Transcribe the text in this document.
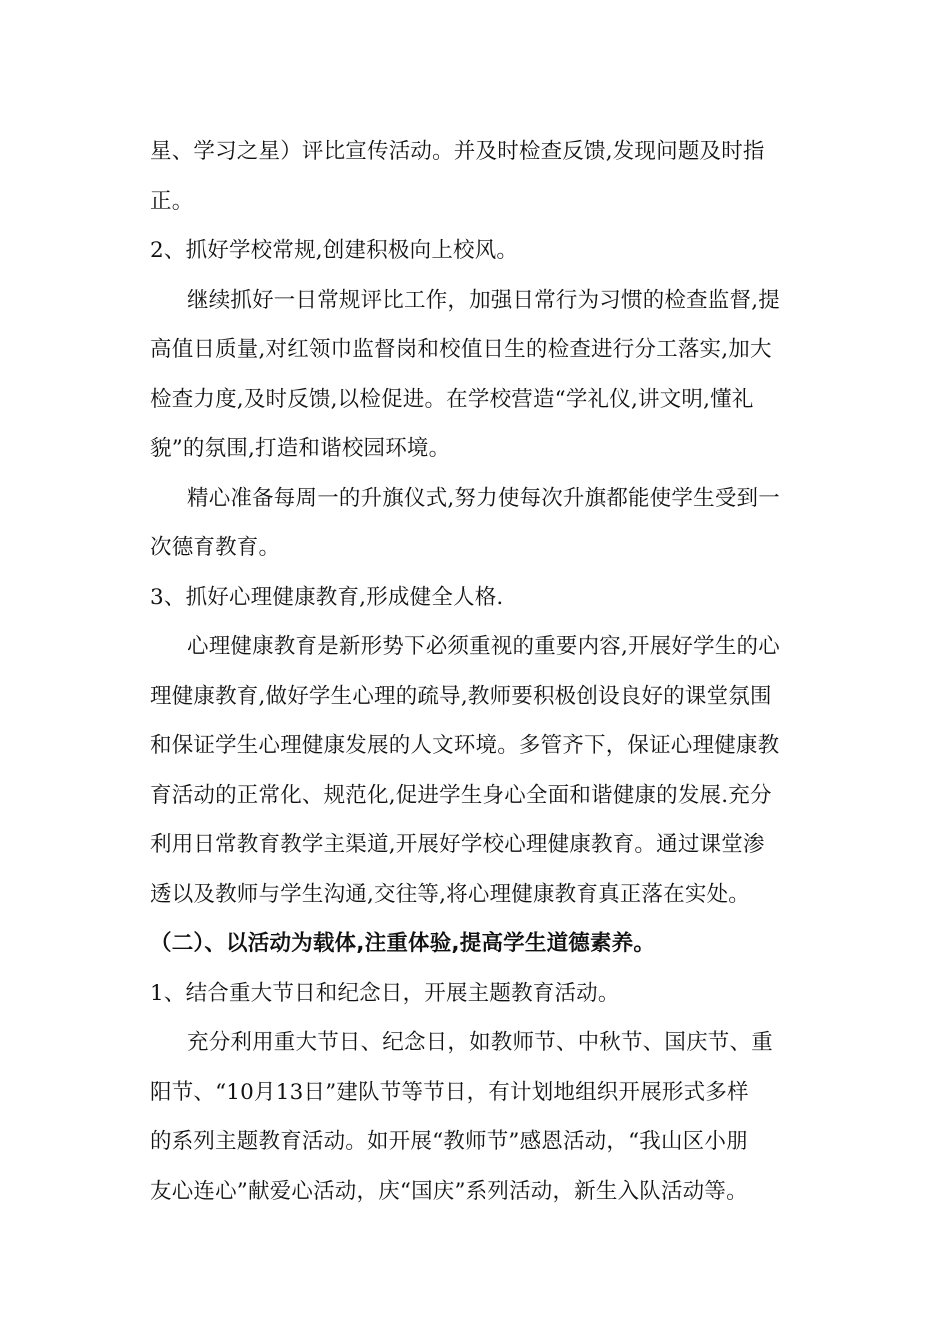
星、学习之星）评比宣传活动。并及时检查反馈,发现问题及时指
正。
2、抓好学校常规,创建积极向上校风。
继续抓好一日常规评比工作，加强日常行为习惯的检查监督,提
高值日质量,对红领巾监督岗和校值日生的检查进行分工落实,加大
检查力度,及时反馈,以检促进。在学校营造“学礼仪,讲文明,懂礼
貌”的氛围,打造和谐校园环境。
精心准备每周一的升旗仪式,努力使每次升旗都能使学生受到一
次德育教育。
3、抓好心理健康教育,形成健全人格.
心理健康教育是新形势下必须重视的重要内容,开展好学生的心
理健康教育,做好学生心理的疏导,教师要积极创设良好的课堂氛围
和保证学生心理健康发展的人文环境。多管齐下，保证心理健康教
育活动的正常化、规范化,促进学生身心全面和谐健康的发展.充分
利用日常教育教学主渠道,开展好学校心理健康教育。通过课堂渗
透以及教师与学生沟通,交往等,将心理健康教育真正落在实处。
（二）、以活动为载体,注重体验,提高学生道德素养。
1、结合重大节日和纪念日，开展主题教育活动。
充分利用重大节日、纪念日，如教师节、中秋节、国庆节、重
阳节、“10月13日”建队节等节日，有计划地组织开展形式多样
的系列主题教育活动。如开展“教师节”感恩活动，“我山区小朋
友心连心”献爱心活动，庆“国庆”系列活动，新生入队活动等。
